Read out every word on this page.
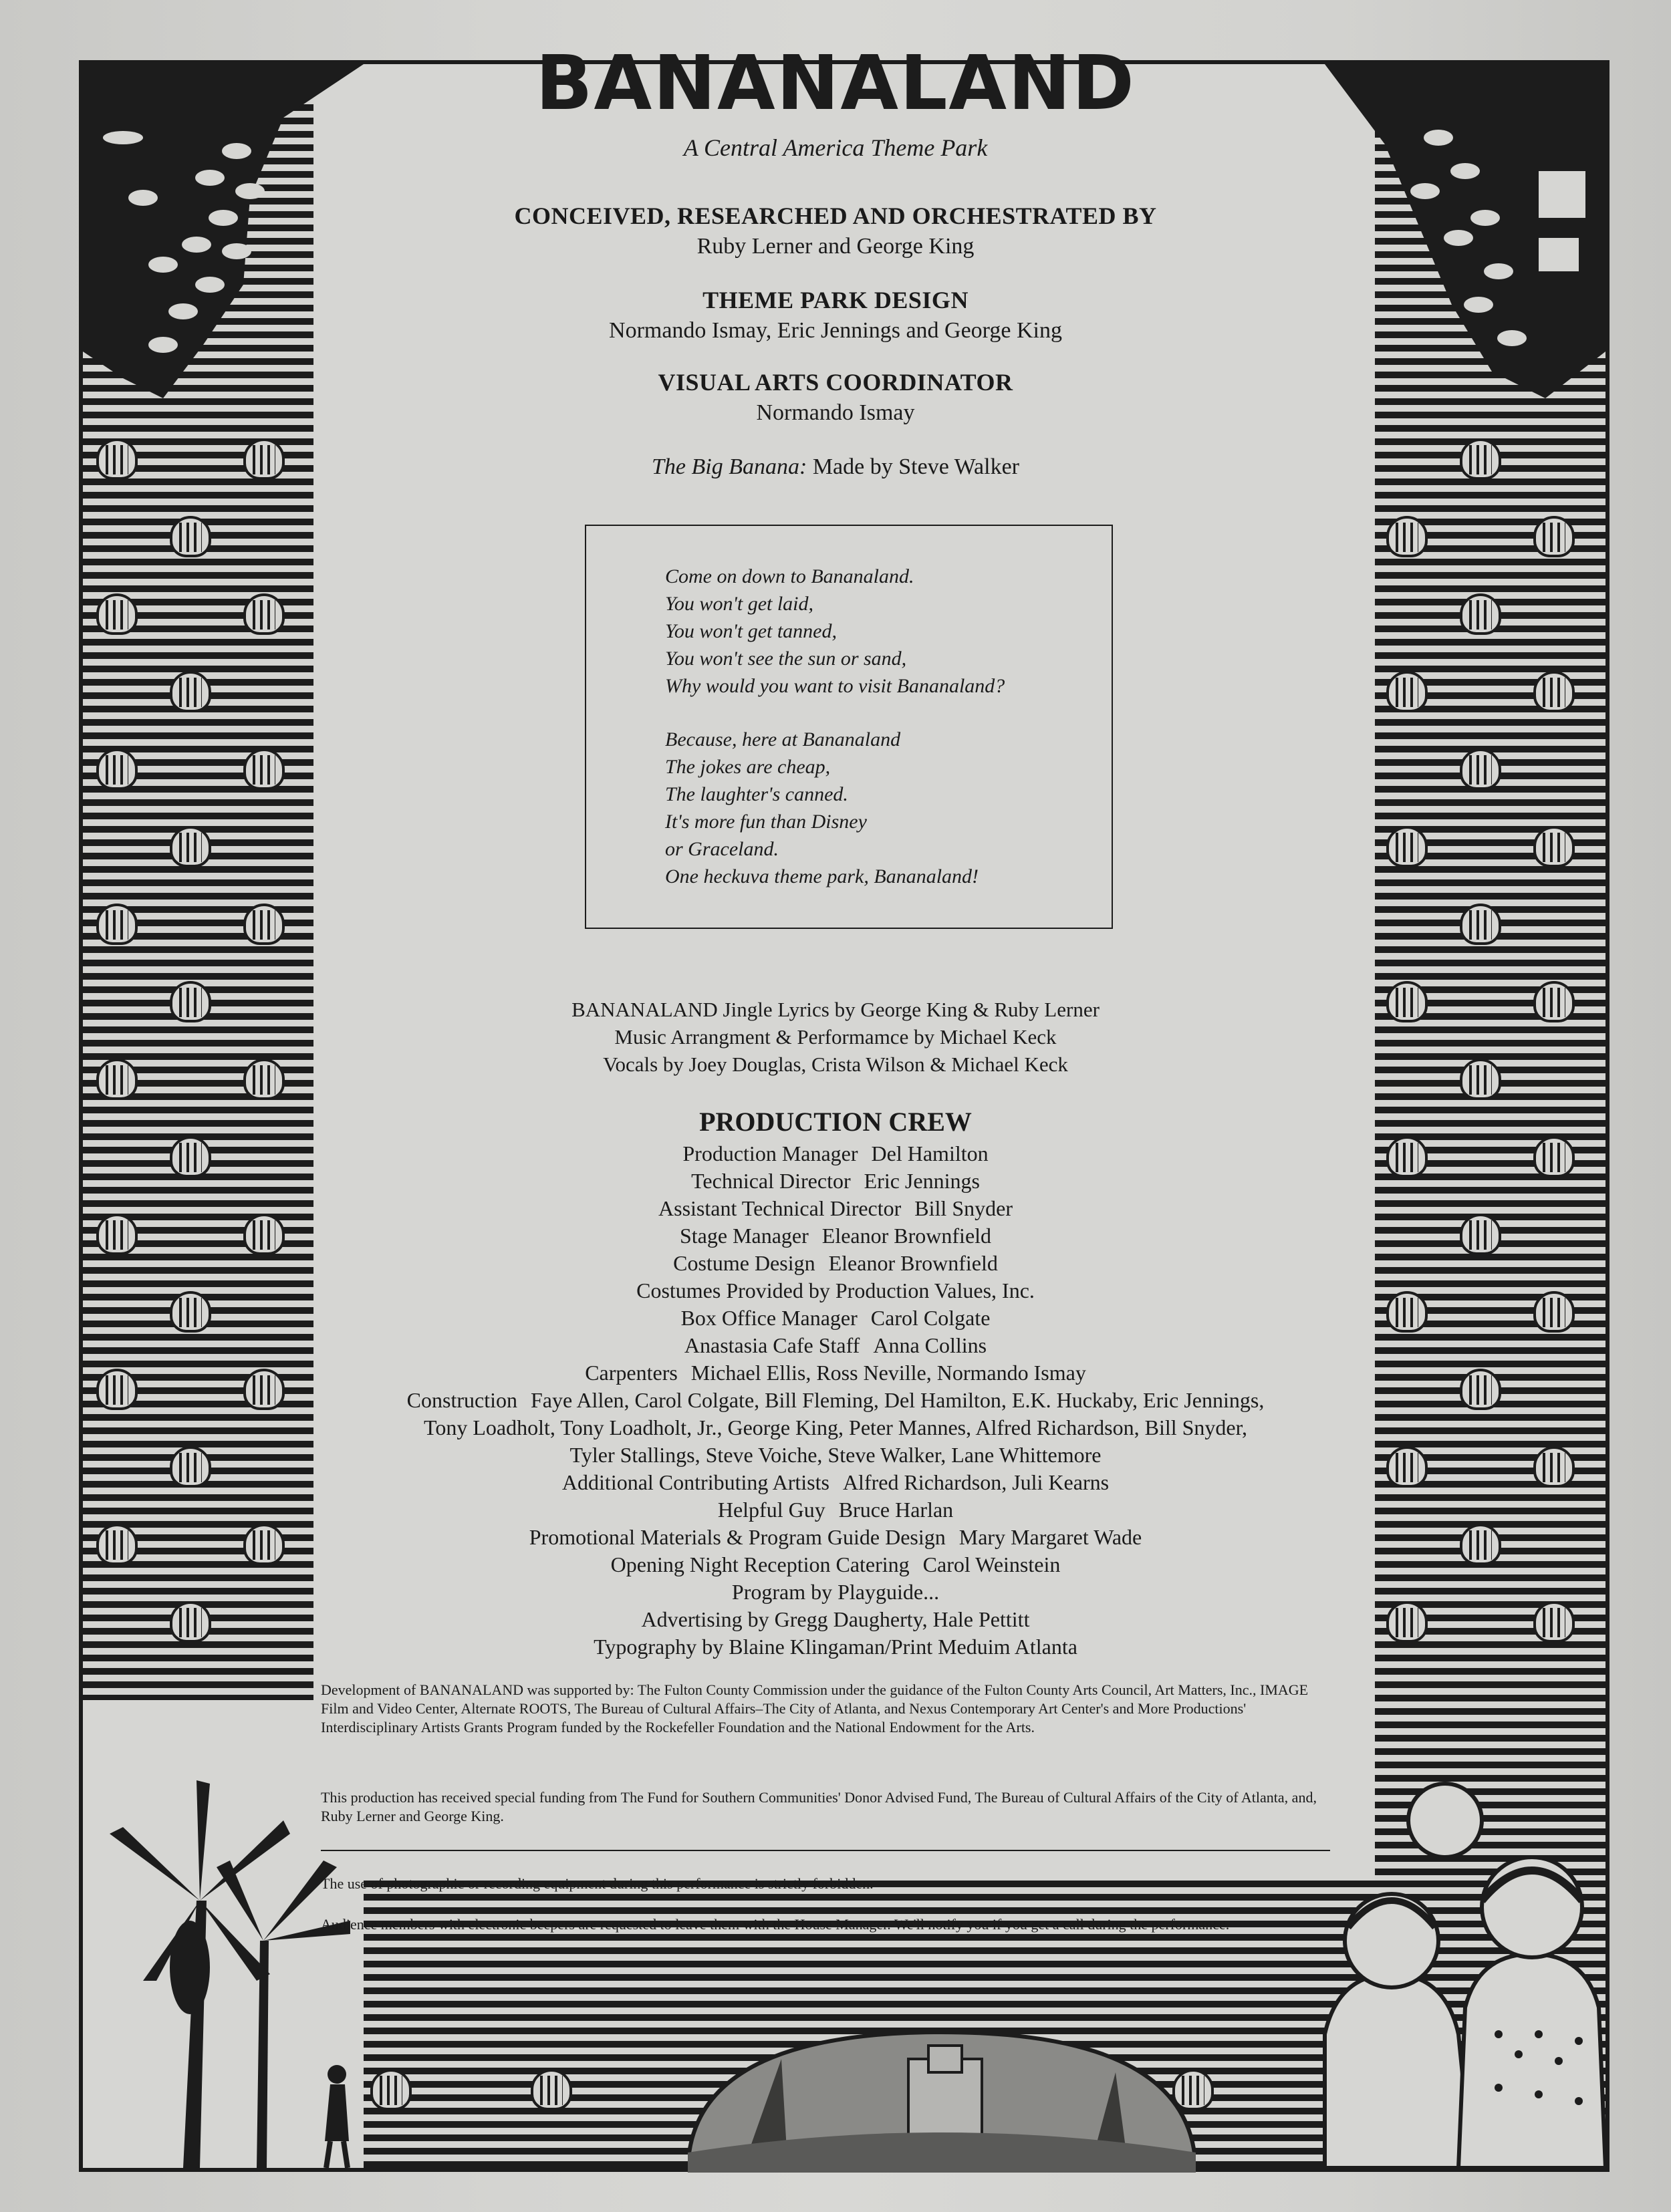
BANANALAND
A Central America Theme Park
CONCEIVED, RESEARCHED AND ORCHESTRATED BY
Ruby Lerner and George King
THEME PARK DESIGN
Normando Ismay, Eric Jennings and George King
VISUAL ARTS COORDINATOR
Normando Ismay
The Big Banana: Made by Steve Walker
Come on down to Bananaland.
You won't get laid,
You won't get tanned,
You won't see the sun or sand,
Why would you want to visit Bananaland?
Because, here at Bananaland
The jokes are cheap,
The laughter's canned.
It's more fun than Disney
or Graceland.
One heckuva theme park, Bananaland!
BANANALAND Jingle Lyrics by George King & Ruby Lerner
Music Arrangment & Performamce by Michael Keck
Vocals by Joey Douglas, Crista Wilson & Michael Keck
PRODUCTION CREW
Production Manager Del Hamilton
Technical Director Eric Jennings
Assistant Technical Director Bill Snyder
Stage Manager Eleanor Brownfield
Costume Design Eleanor Brownfield
Costumes Provided by Production Values, Inc.
Box Office Manager Carol Colgate
Anastasia Cafe Staff Anna Collins
Carpenters Michael Ellis, Ross Neville, Normando Ismay
Construction Faye Allen, Carol Colgate, Bill Fleming, Del Hamilton, E.K. Huckaby, Eric Jennings,
Tony Loadholt, Tony Loadholt, Jr., George King, Peter Mannes, Alfred Richardson, Bill Snyder,
Tyler Stallings, Steve Voiche, Steve Walker, Lane Whittemore
Additional Contributing Artists Alfred Richardson, Juli Kearns
Helpful Guy Bruce Harlan
Promotional Materials & Program Guide Design Mary Margaret Wade
Opening Night Reception Catering Carol Weinstein
Program by Playguide...
Advertising by Gregg Daugherty, Hale Pettitt
Typography by Blaine Klingaman/Print Meduim Atlanta
Development of BANANALAND was supported by: The Fulton County Commission under the guidance of the Fulton County Arts Council, Art Matters, Inc., IMAGE Film and Video Center, Alternate ROOTS, The Bureau of Cultural Affairs–The City of Atlanta, and Nexus Contemporary Art Center's and More Productions' Interdisciplinary Artists Grants Program funded by the Rockefeller Foundation and the National Endowment for the Arts.
This production has received special funding from The Fund for Southern Communities' Donor Advised Fund, The Bureau of Cultural Affairs of the City of Atlanta, and, Ruby Lerner and George King.
The use of photographic or recording equipment during this performance is strictly forbidden.
Audience members with electronic beepers are requested to leave them with the House Manager. We'll notify you if you get a call during the performance.
